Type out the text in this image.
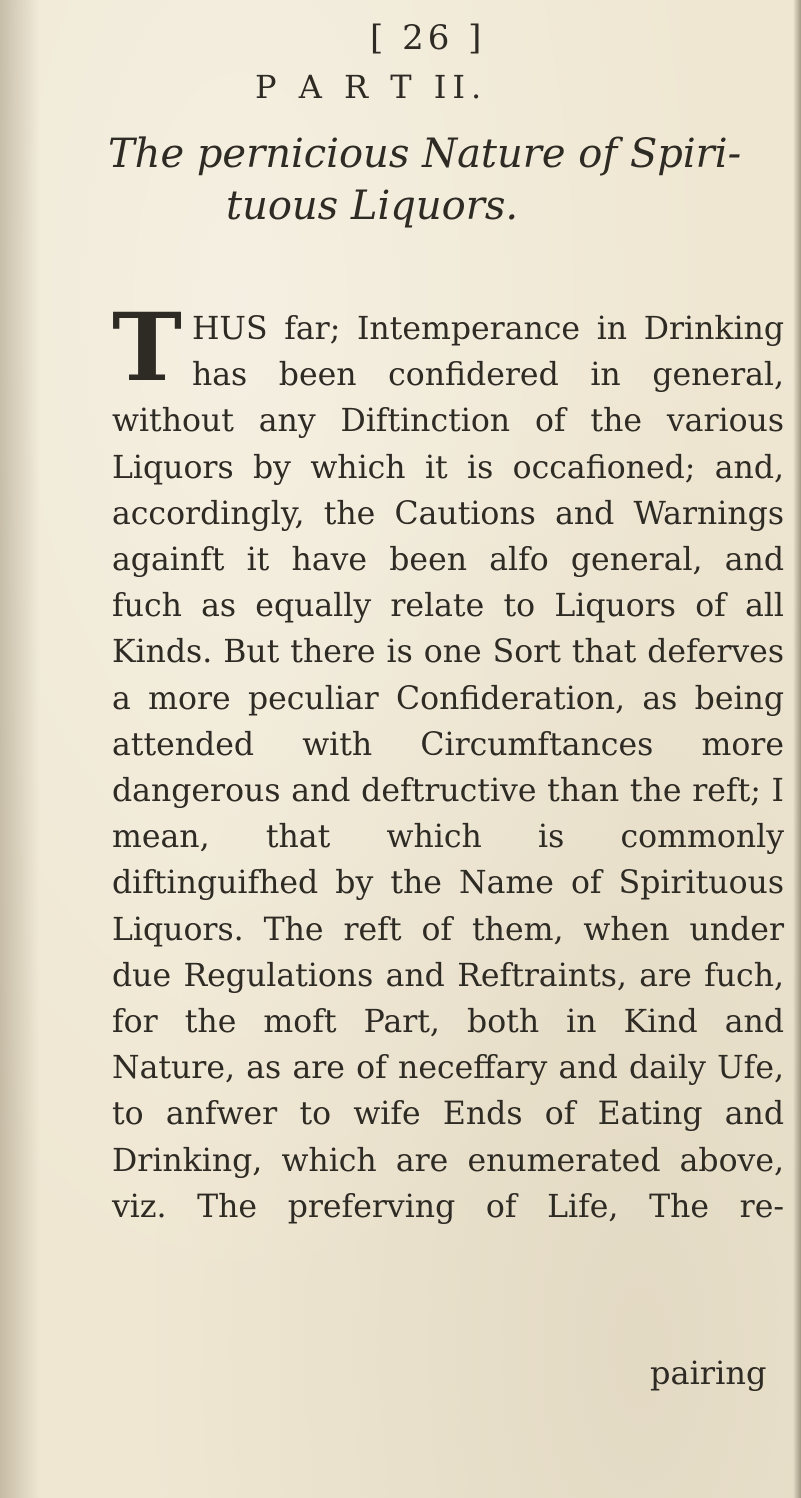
[ 26 ]
P A R T II.
The pernicious Nature of Spiri-
tuous Liquors.
T HUS far; Intemperance in Drinking has been confidered in general, without any Diftinction of the various Liquors by which it is occafioned; and, accordingly, the Cautions and Warnings againft it have been alfo general, and fuch as equally relate to Liquors of all Kinds. But there is one Sort that deferves a more peculiar Confideration, as being attended with Circumftances more dangerous and deftructive than the reft; I mean, that which is commonly diftinguifhed by the Name of Spirituous Liquors. The reft of them, when under due Regulations and Reftraints, are fuch, for the moft Part, both in Kind and Nature, as are of neceffary and daily Ufe, to anfwer to wife Ends of Eating and Drinking, which are enumerated above, viz. The preferving of Life, The re-
pairing
